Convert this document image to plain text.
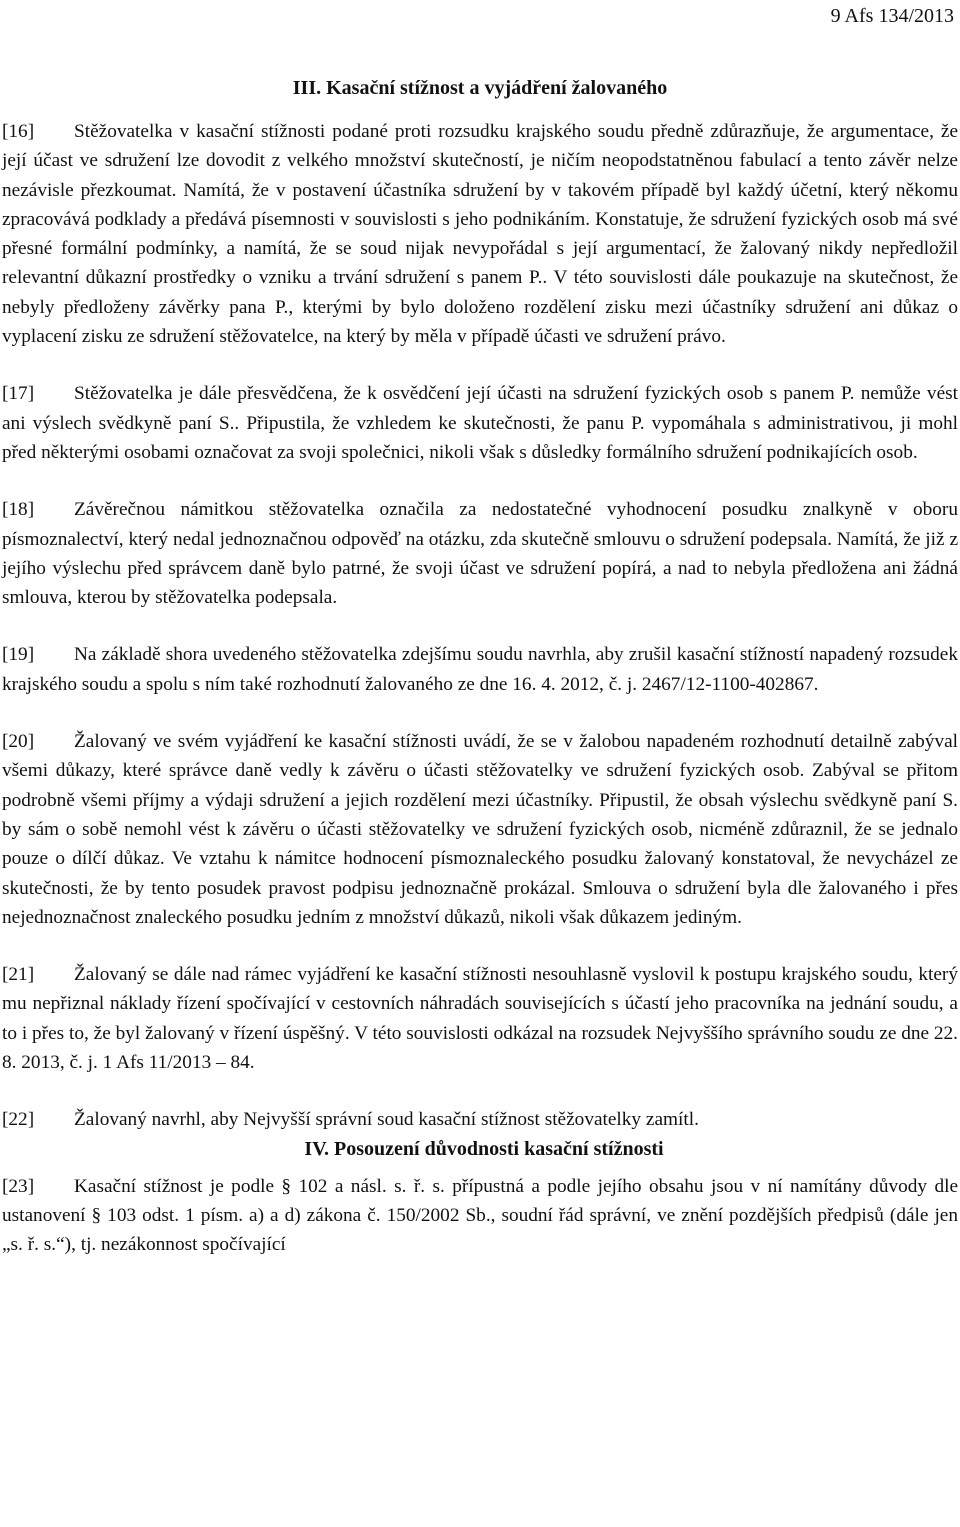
9 Afs 134/2013
III. Kasační stížnost a vyjádření žalovaného

[16] Stěžovatelka v kasační stížnosti podané proti rozsudku krajského soudu předně zdůrazňuje, že argumentace, že její účast ve sdružení lze dovodit z velkého množství skutečností, je ničím neopodstatněnou fabulací a tento závěr nelze nezávisle přezkoumat. Namítá, že v postavení účastníka sdružení by v takovém případě byl každý účetní, který někomu zpracovává podklady a předává písemnosti v souvislosti s jeho podnikáním. Konstatuje, že sdružení fyzických osob má své přesné formální podmínky, a namítá, že se soud nijak nevypořádal s její argumentací, že žalovaný nikdy nepředložil relevantní důkazní prostředky o vzniku a trvání sdružení s panem P.. V této souvislosti dále poukazuje na skutečnost, že nebyly předloženy závěrky pana P., kterými by bylo doloženo rozdělení zisku mezi účastníky sdružení ani důkaz o vyplacení zisku ze sdružení stěžovatelce, na který by měla v případě účasti ve sdružení právo.

[17] Stěžovatelka je dále přesvědčena, že k osvědčení její účasti na sdružení fyzických osob s panem P. nemůže vést ani výslech svědkyně paní S.. Připustila, že vzhledem ke skutečnosti, že panu P. vypomáhala s administrativou, ji mohl před některými osobami označovat za svoji společnici, nikoli však s důsledky formálního sdružení podnikajících osob.

[18] Závěrečnou námitkou stěžovatelka označila za nedostatečné vyhodnocení posudku znalkyně v oboru písmoznalectví, který nedal jednoznačnou odpověď na otázku, zda skutečně smlouvu o sdružení podepsala. Namítá, že již z jejího výslechu před správcem daně bylo patrné, že svoji účast ve sdružení popírá, a nad to nebyla předložena ani žádná smlouva, kterou by stěžovatelka podepsala.

[19] Na základě shora uvedeného stěžovatelka zdejšímu soudu navrhla, aby zrušil kasační stížností napadený rozsudek krajského soudu a spolu s ním také rozhodnutí žalovaného ze dne 16. 4. 2012, č. j. 2467/12-1100-402867.

[20] Žalovaný ve svém vyjádření ke kasační stížnosti uvádí, že se v žalobou napadeném rozhodnutí detailně zabýval všemi důkazy, které správce daně vedly k závěru o účasti stěžovatelky ve sdružení fyzických osob. Zabýval se přitom podrobně všemi příjmy a výdaji sdružení a jejich rozdělení mezi účastníky. Připustil, že obsah výslechu svědkyně paní S. by sám o sobě nemohl vést k závěru o účasti stěžovatelky ve sdružení fyzických osob, nicméně zdůraznil, že se jednalo pouze o dílčí důkaz. Ve vztahu k námitce hodnocení písmoznaleckého posudku žalovaný konstatoval, že nevycházel ze skutečnosti, že by tento posudek pravost podpisu jednoznačně prokázal. Smlouva o sdružení byla dle žalovaného i přes nejednoznačnost znaleckého posudku jedním z množství důkazů, nikoli však důkazem jediným.

[21] Žalovaný se dále nad rámec vyjádření ke kasační stížnosti nesouhlasně vyslovil k postupu krajského soudu, který mu nepřiznal náklady řízení spočívající v cestovních náhradách souvisejících s účastí jeho pracovníka na jednání soudu, a to i přes to, že byl žalovaný v řízení úspěšný. V této souvislosti odkázal na rozsudek Nejvyššího správního soudu ze dne 22. 8. 2013, č. j. 1 Afs 11/2013 – 84.

[22] Žalovaný navrhl, aby Nejvyšší správní soud kasační stížnost stěžovatelky zamítl.

IV. Posouzení důvodnosti kasační stížnosti

[23] Kasační stížnost je podle § 102 a násl. s. ř. s. přípustná a podle jejího obsahu jsou v ní namítány důvody dle ustanovení § 103 odst. 1 písm. a) a d) zákona č. 150/2002 Sb., soudní řád správní, ve znění pozdějších předpisů (dále jen „s. ř. s.“), tj. nezákonnost spočívající
